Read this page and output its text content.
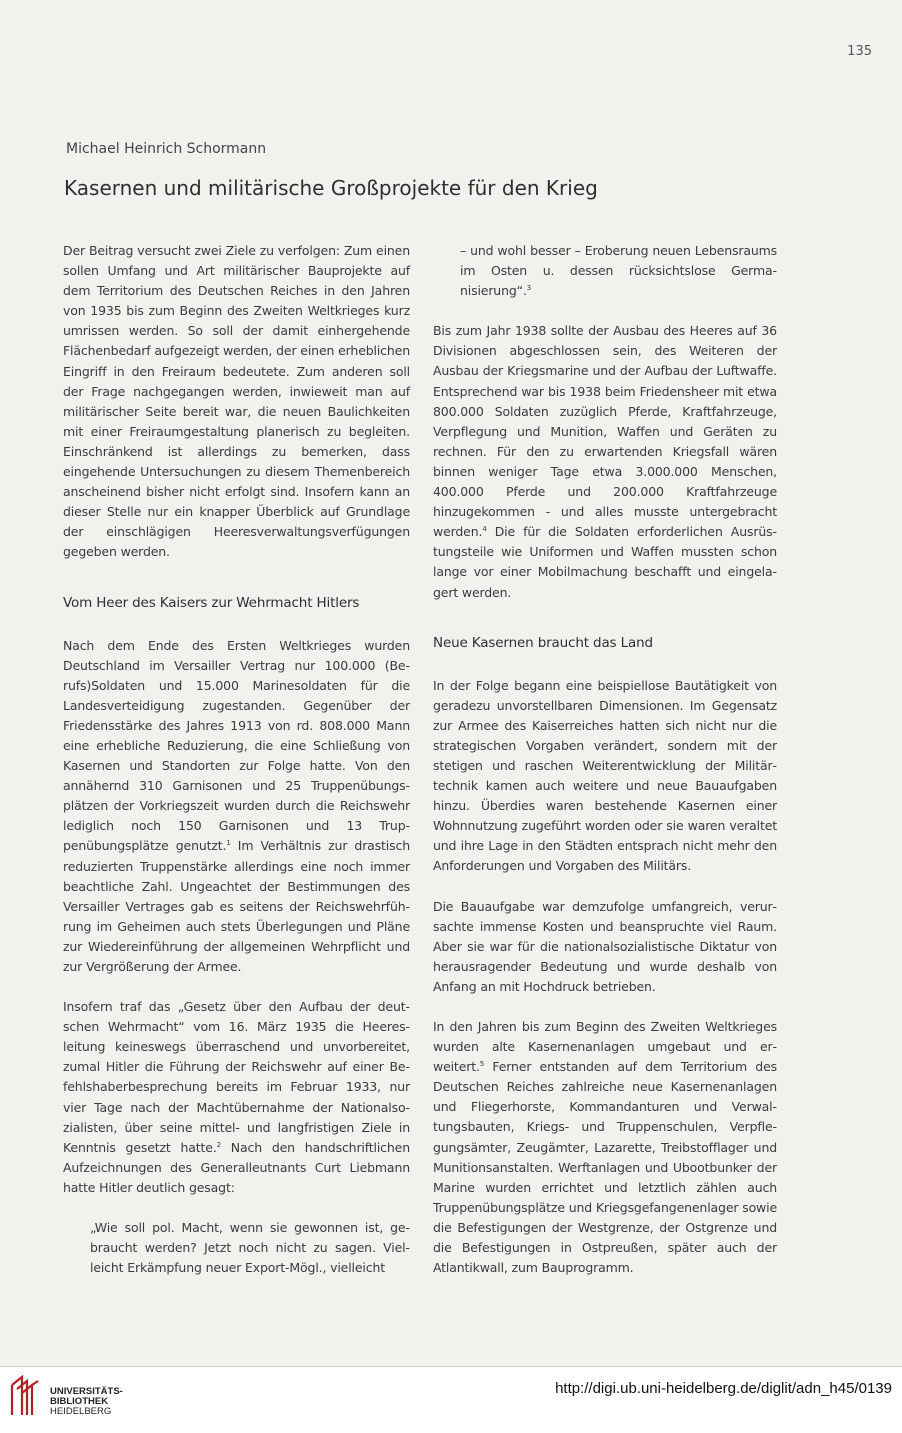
135
Michael Heinrich Schormann
Kasernen und militärische Großprojekte für den Krieg

Der Beitrag versucht zwei Ziele zu verfolgen: Zum einen sollen Umfang und Art militärischer Bauprojekte auf dem Territorium des Deutschen Reiches in den Jahren von 1935 bis zum Beginn des Zweiten Weltkrieges kurz umrissen werden. So soll der damit einhergehende Flächenbedarf aufgezeigt werden, der einen erheblichen Eingriff in den Freiraum bedeutete. Zum anderen soll der Frage nachgegangen werden, inwieweit man auf militärischer Seite bereit war, die neuen Baulichkeiten mit einer Freiraumgestaltung planerisch zu begleiten. Einschränkend ist allerdings zu bemerken, dass eingehende Untersuchungen zu diesem Themenbereich anscheinend bisher nicht erfolgt sind. Insofern kann an dieser Stelle nur ein knapper Überblick auf Grundlage der einschlägigen Heeresverwaltungsverfügungen gegeben werden.

Vom Heer des Kaisers zur Wehrmacht Hitlers

Nach dem Ende des Ersten Weltkrieges wurden Deutschland im Versailler Vertrag nur 100.000 (Berufs)Soldaten und 15.000 Marinesoldaten für die Landesverteidigung zugestanden. Gegenüber der Friedensstärke des Jahres 1913 von rd. 808.000 Mann eine erhebliche Reduzierung, die eine Schließung von Kasernen und Standorten zur Folge hatte. Von den annähernd 310 Garnisonen und 25 Truppenübungsplätzen der Vorkriegszeit wurden durch die Reichswehr lediglich noch 150 Garnisonen und 13 Truppenübungsplätze genutzt.$^1$ Im Verhältnis zur drastisch reduzierten Truppenstärke allerdings eine noch immer beachtliche Zahl. Ungeachtet der Bestimmungen des Versailler Vertrages gab es seitens der Reichswehrführung im Geheimen auch stets Überlegungen und Pläne zur Wiedereinführung der allgemeinen Wehrpflicht und zur Vergrößerung der Armee.

Insofern traf das „Gesetz über den Aufbau der deutschen Wehrmacht“ vom 16. März 1935 die Heeresleitung keineswegs überraschend und unvorbereitet, zumal Hitler die Führung der Reichswehr auf einer Befehlshaberbesprechung bereits im Februar 1933, nur vier Tage nach der Machtübernahme der Nationalsozialisten, über seine mittel- und langfristigen Ziele in Kenntnis gesetzt hatte.$^2$ Nach den handschriftlichen Aufzeichnungen des Generalleutnants Curt Liebmann hatte Hitler deutlich gesagt:

„Wie soll pol. Macht, wenn sie gewonnen ist, gebraucht werden? Jetzt noch nicht zu sagen. Vielleicht Erkämpfung neuer Export-Mögl., vielleicht

– und wohl besser – Eroberung neuen Lebensraums im Osten u. dessen rücksichtslose Germanisierung“.$^3$

Bis zum Jahr 1938 sollte der Ausbau des Heeres auf 36 Divisionen abgeschlossen sein, des Weiteren der Ausbau der Kriegsmarine und der Aufbau der Luftwaffe. Entsprechend war bis 1938 beim Friedensheer mit etwa 800.000 Soldaten zuzüglich Pferde, Kraftfahrzeuge, Verpflegung und Munition, Waffen und Geräten zu rechnen. Für den zu erwartenden Kriegsfall wären binnen weniger Tage etwa 3.000.000 Menschen, 400.000 Pferde und 200.000 Kraftfahrzeuge hinzugekommen - und alles musste untergebracht werden.$^4$ Die für die Soldaten erforderlichen Ausrüstungsteile wie Uniformen und Waffen mussten schon lange vor einer Mobilmachung beschafft und eingelagert werden.

Neue Kasernen braucht das Land

In der Folge begann eine beispiellose Bautätigkeit von geradezu unvorstellbaren Dimensionen. Im Gegensatz zur Armee des Kaiserreiches hatten sich nicht nur die strategischen Vorgaben verändert, sondern mit der stetigen und raschen Weiterentwicklung der Militärtechnik kamen auch weitere und neue Bauaufgaben hinzu. Überdies waren bestehende Kasernen einer Wohnnutzung zugeführt worden oder sie waren veraltet und ihre Lage in den Städten entsprach nicht mehr den Anforderungen und Vorgaben des Militärs.

Die Bauaufgabe war demzufolge umfangreich, verursachte immense Kosten und beanspruchte viel Raum. Aber sie war für die nationalsozialistische Diktatur von herausragender Bedeutung und wurde deshalb von Anfang an mit Hochdruck betrieben.

In den Jahren bis zum Beginn des Zweiten Weltkrieges wurden alte Kasernenanlagen umgebaut und erweitert.$^5$ Ferner entstanden auf dem Territorium des Deutschen Reiches zahlreiche neue Kasernenanlagen und Fliegerhorste, Kommandanturen und Verwaltungsbauten, Kriegs- und Truppenschulen, Verpflegungsämter, Zeugämter, Lazarette, Treibstofflager und Munitionsanstalten. Werftanlagen und Ubootbunker der Marine wurden errichtet und letztlich zählen auch Truppenübungsplätze und Kriegsgefangenenlager sowie die Befestigungen der Westgrenze, der Ostgrenze und die Befestigungen in Ostpreußen, später auch der Atlantikwall, zum Bauprogramm.

UNIVERSITÄTS-
BIBLIOTHEK
HEIDELBERG
http://digi.ub.uni-heidelberg.de/diglit/adn_h45/0139
